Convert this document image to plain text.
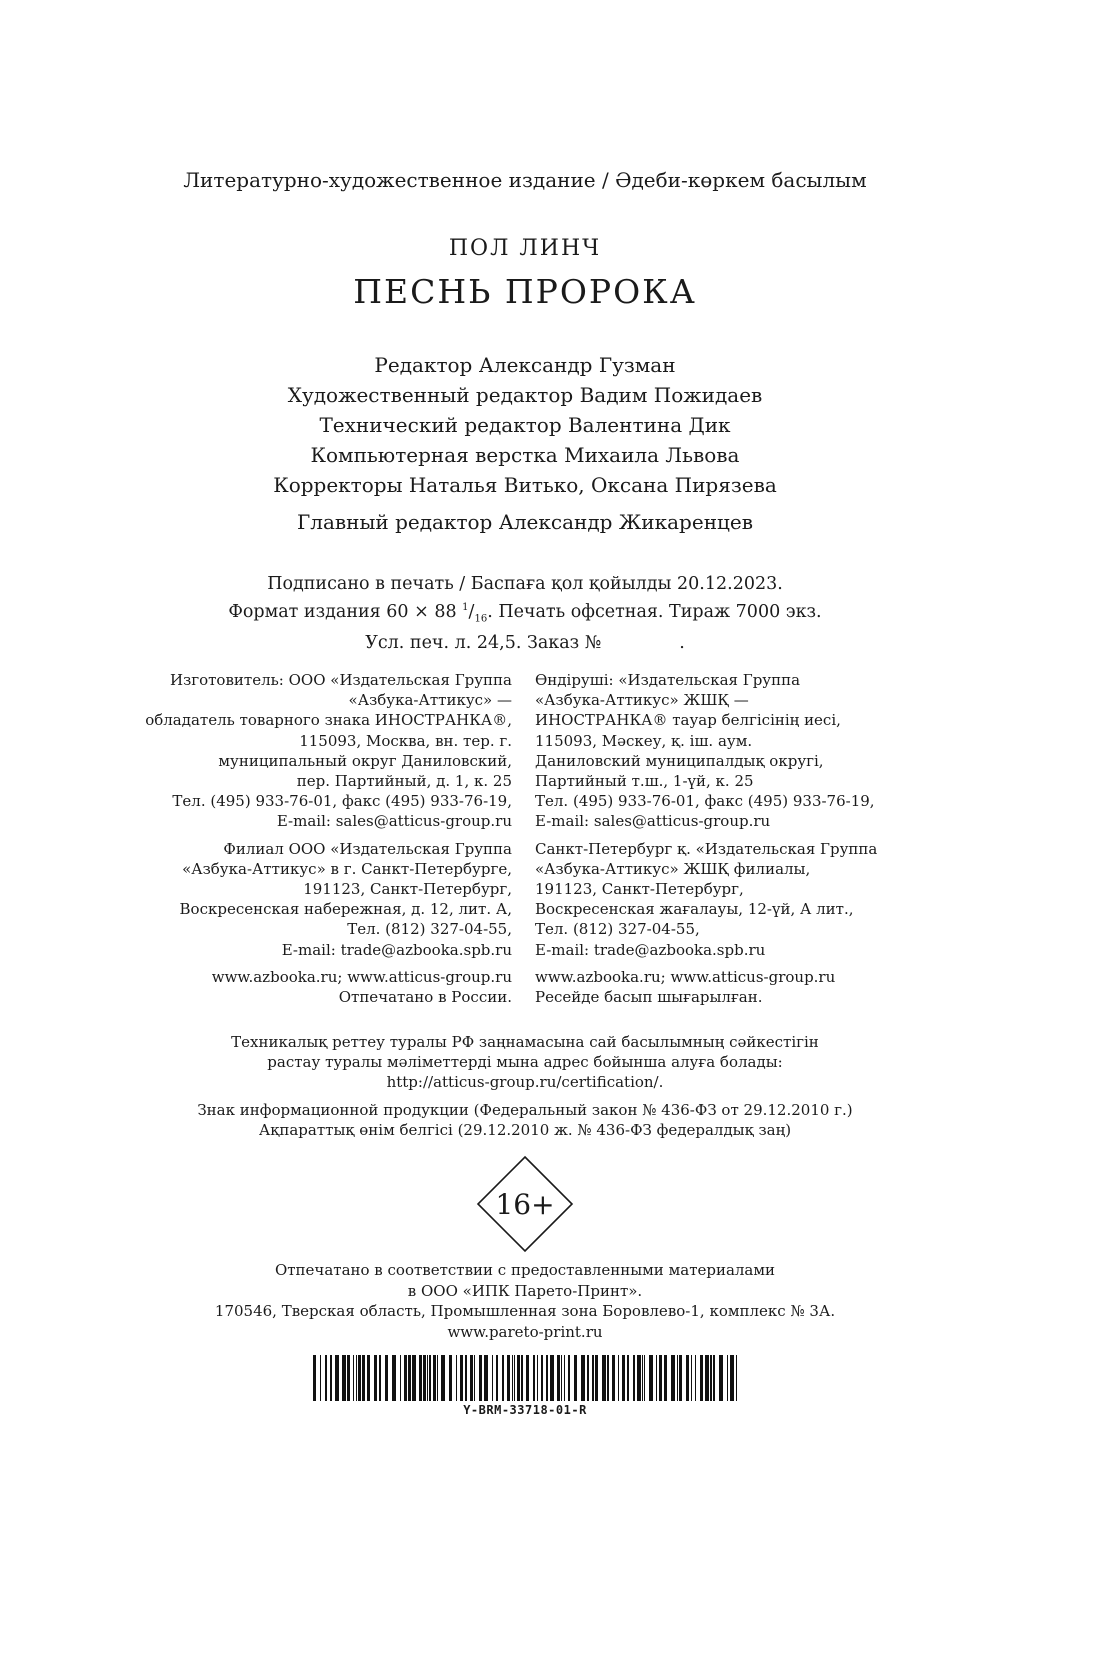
Литературно-художественное издание / Әдеби-көркем басылым
ПОЛ ЛИНЧ
ПЕСНЬ ПРОРОКА
Редактор Александр Гузман
Художественный редактор Вадим Пожидаев
Технический редактор Валентина Дик
Компьютерная верстка Михаила Львова
Корректоры Наталья Витько, Оксана Пирязева
Главный редактор Александр Жикаренцев
Подписано в печать / Баспаға қол қойылды 20.12.2023.
Формат издания 60 × 88 $^1/_{16}$. Печать офсетная. Тираж 7000 экз.
Усл. печ. л. 24,5. Заказ №              .
Изготовитель: ООО «Издательская Группа
«Азбука-Аттикус» —
обладатель товарного знака ИНОСТРАНКА®,
115093, Москва, вн. тер. г.
муниципальный округ Даниловский,
пер. Партийный, д. 1, к. 25
Тел. (495) 933-76-01, факс (495) 933-76-19,
E-mail: sales@atticus-group.ru
Филиал ООО «Издательская Группа
«Азбука-Аттикус» в г. Санкт-Петербурге,
191123, Санкт-Петербург,
Воскресенская набережная, д. 12, лит. А,
Тел. (812) 327-04-55,
E-mail: trade@azbooka.spb.ru
www.azbooka.ru; www.atticus-group.ru
Отпечатано в России.
Өндіруші: «Издательская Группа
«Азбука-Аттикус» ЖШҚ —
ИНОСТРАНКА® тауар белгісінің иесі,
115093, Мәскеу, қ. іш. аум.
Даниловский муниципалдық округі,
Партийный т.ш., 1-үй, к. 25
Тел. (495) 933-76-01, факс (495) 933-76-19,
E-mail: sales@atticus-group.ru
Санкт-Петербург қ. «Издательская Группа
«Азбука-Аттикус» ЖШҚ филиалы,
191123, Санкт-Петербург,
Воскресенская жағалауы, 12-үй, А лит.,
Тел. (812) 327-04-55,
E-mail: trade@azbooka.spb.ru
www.azbooka.ru; www.atticus-group.ru
Ресейде басып шығарылған.
Техникалық реттеу туралы РФ заңнамасына сай басылымның сәйкестігін
растау туралы мәліметтерді мына адрес бойынша алуға болады:
http://atticus-group.ru/certification/.
Знак информационной продукции (Федеральный закон № 436-ФЗ от 29.12.2010 г.)
Ақпараттық өнім белгісі (29.12.2010 ж. № 436-ФЗ федералдық заң)
16+
Отпечатано в соответствии с предоставленными материалами
в ООО «ИПК Парето-Принт».
170546, Тверская область, Промышленная зона Боровлево-1, комплекс № 3А.
www.pareto-print.ru
Y-BRM-33718-01-R
